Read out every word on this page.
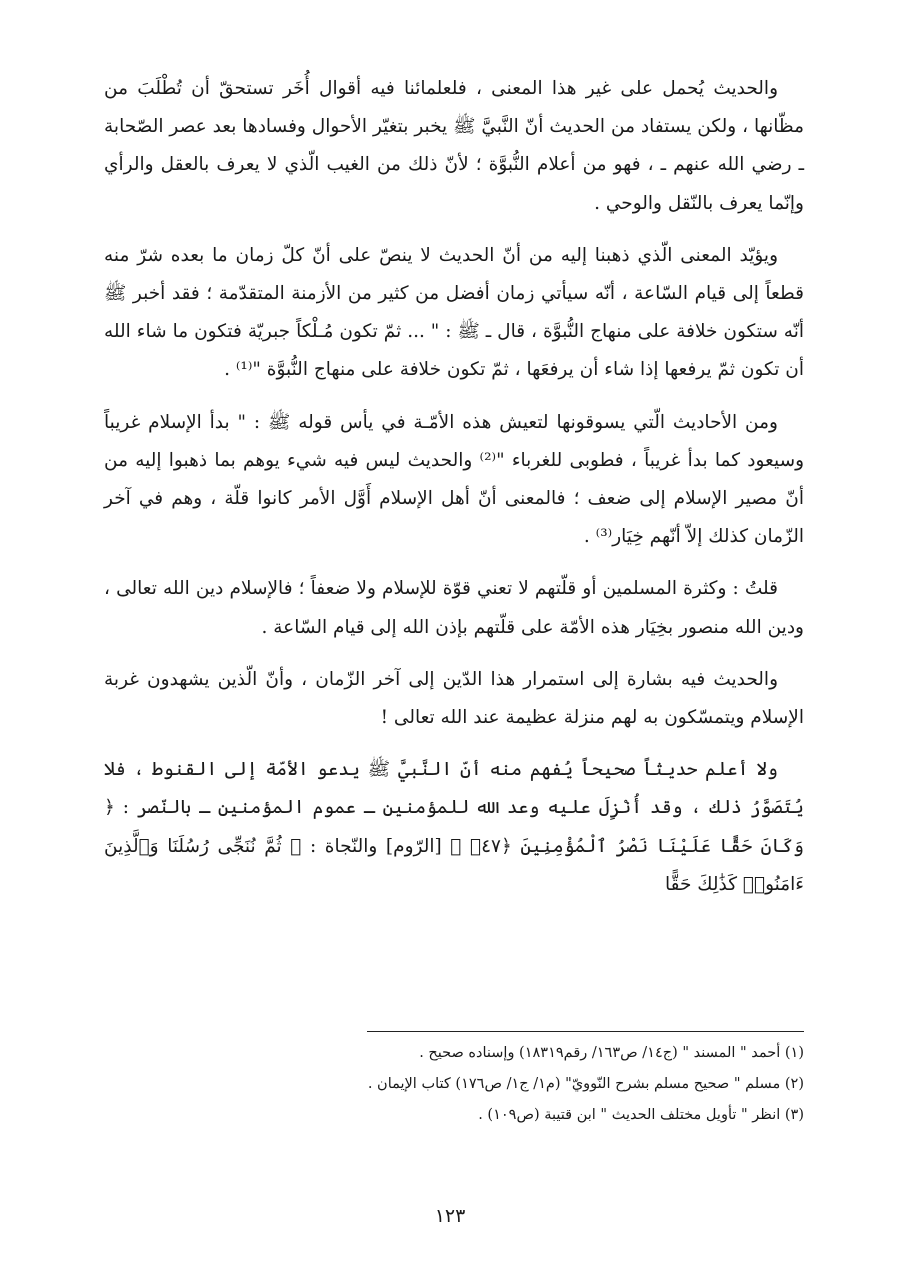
والحديث يُحمل على غير هذا المعنى ، فلعلمائنا فيه أقوال أُخَر تستحقّ أن تُطْلَبَ من مظّانها ، ولكن يستفاد من الحديث أنّ النَّبيَّ ﷺ يخبر بتغيّر الأحوال وفسادها بعد عصر الصّحابة ـ رضي الله عنهم ـ ، فهو من أعلام النُّبوَّة ؛ لأنّ ذلك من الغيب الّذي لا يعرف بالعقل والرأي وإنّما يعرف بالنّقل والوحي .

ويؤيّد المعنى الّذي ذهبنا إليه من أنّ الحديث لا ينصّ على أنّ كلّ زمان ما بعده شرّ منه قطعاً إلى قيام السّاعة ، أنّه سيأتي زمان أفضل من كثير من الأزمنة المتقدّمة ؛ فقد أخبر ﷺ أنّه ستكون خلافة على منهاج النُّبوَّة ، قال ـ ﷺ : " ... ثمّ تكون مُـلْكاً جبريّة فتكون ما شاء الله أن تكون ثمّ يرفعها إذا شاء أن يرفعَها ، ثمّ تكون خلافة على منهاج النُّبوَّة "⁽¹⁾ .

ومن الأحاديث الّتي يسوقونها لتعيش هذه الأمّـة في يأس قوله ﷺ : " بدأ الإسلام غريباً وسيعود كما بدأ غريباً ، فطوبى للغرباء "⁽²⁾ والحديث ليس فيه شيء يوهم بما ذهبوا إليه من أنّ مصير الإسلام إلى ضعف ؛ فالمعنى أنّ أهل الإسلام أَوَّل الأمر كانوا قلّة ، وهم في آخر الزّمان كذلك إلاّ أنّهم خِيَار⁽³⁾ .

قلتُ : وكثرة المسلمين أو قلّتهم لا تعني قوّة للإسلام ولا ضعفاً ؛ فالإسلام دين الله تعالى ، ودين الله منصور بخِيَار هذه الأمّة على قلّتهم بإذن الله إلى قيام السّاعة .

والحديث فيه بشارة إلى استمرار هذا الدّين إلى آخر الزّمان ، وأنّ الّذين يشهدون غربة الإسلام ويتمسّكون به لهم منزلة عظيمة عند الله تعالى !

ولا أعلم حديثاً صحيحاً يُفهم منه أنّ النَّبيَّ ﷺ يدعو الأمّة إلى القنوط ، فلا يُتَصَوَّرُ ذلك ، وقد أُنْزِلَ عليه وعد الله للمؤمنين ـ عموم المؤمنين ـ بالنّصر : ﴿ وَكَانَ حَقًّا عَلَيْنَا نَصْرُ ٱلْمُؤْمِنِينَ ﴿٤٧﴾ ﴾ [الرّوم] والنّجاة : ﴿ ثُمَّ نُنَجِّى رُسُلَنَا وَٱلَّذِينَ ءَامَنُوا۟ كَذَٰلِكَ حَقًّا

(١) أحمد " المسند " (ج١٤/ ص١٦٣/ رقم١٨٣١٩) وإسناده صحيح .

(٢) مسلم " صحيح مسلم بشرح النّوويّ" (م١/ ج١/ ص١٧٦) كتاب الإيمان .

(٣) انظر " تأويل مختلف الحديث " ابن قتيبة (ص١٠٩) .

١٢٣
